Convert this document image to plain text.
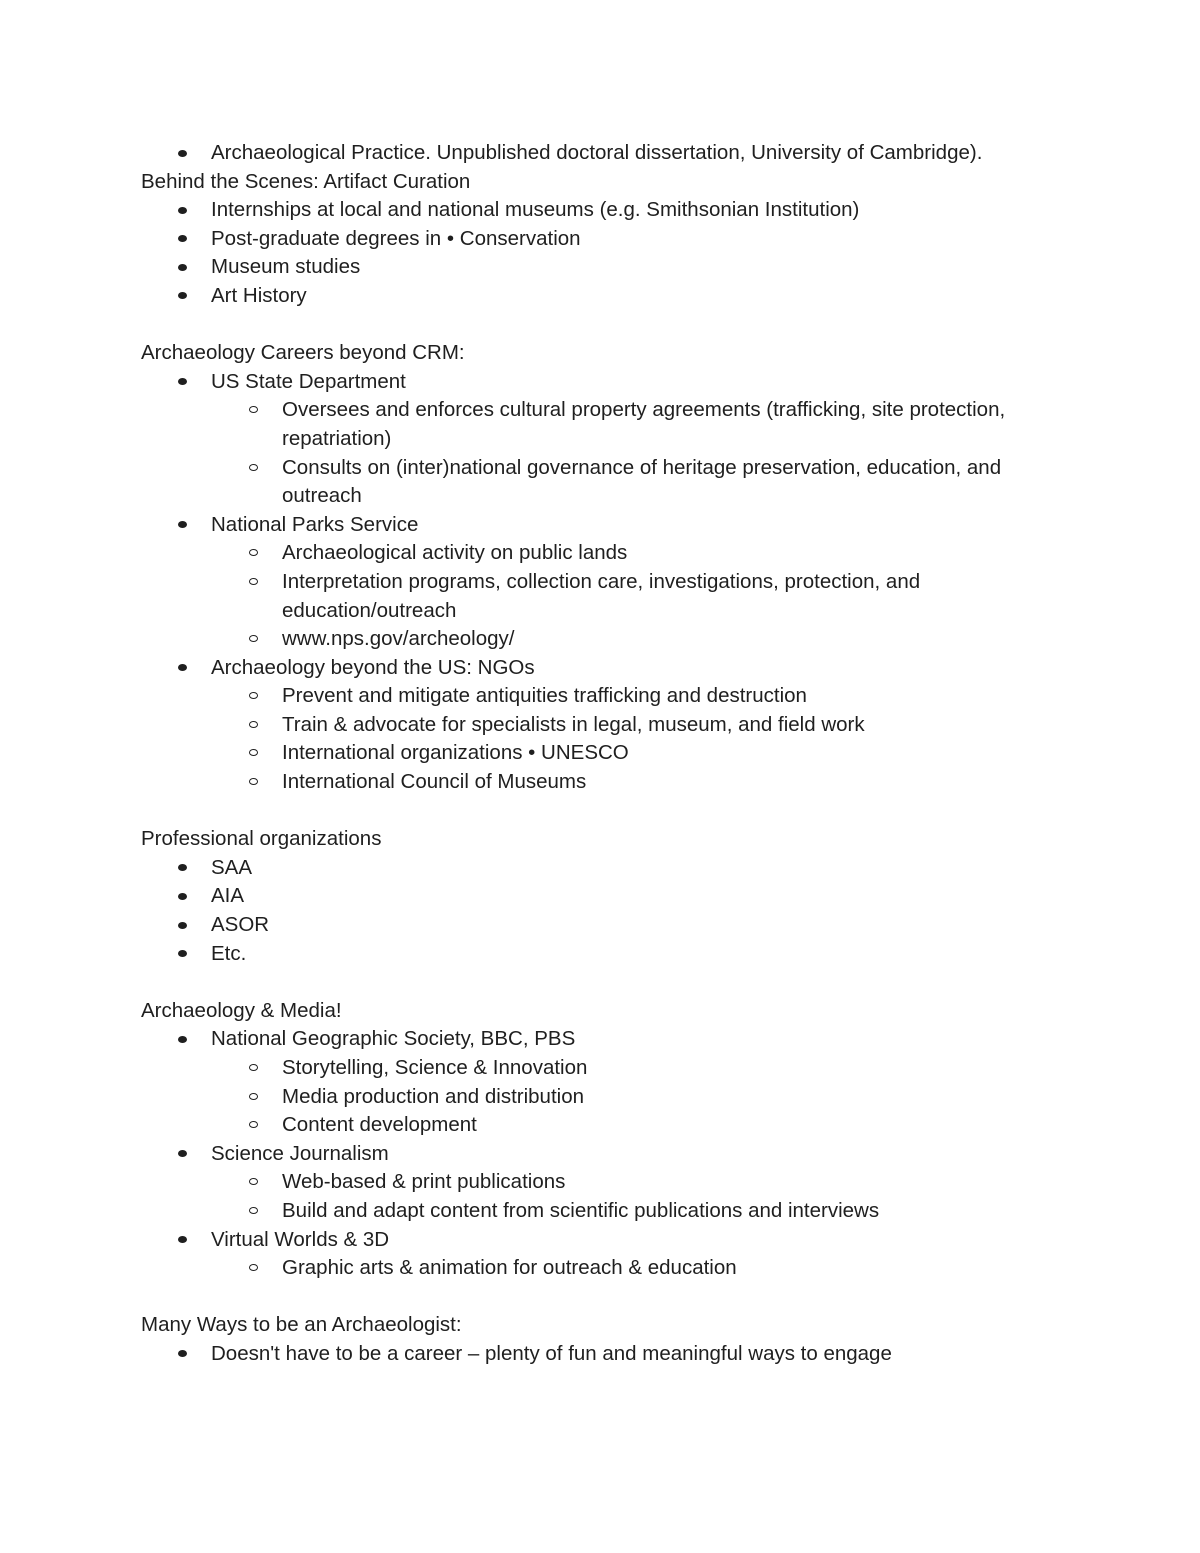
Archaeological Practice. Unpublished doctoral dissertation, University of Cambridge).

Behind the Scenes: Artifact Curation

Internships at local and national museums (e.g. Smithsonian Institution)
Post-graduate degrees in • Conservation
Museum studies
Art History

Archaeology Careers beyond CRM:

US State Department
Oversees and enforces cultural property agreements (trafficking, site protection, repatriation)
Consults on (inter)national governance of heritage preservation, education, and outreach
National Parks Service
Archaeological activity on public lands
Interpretation programs, collection care, investigations, protection, and education/outreach
www.nps.gov/archeology/
Archaeology beyond the US: NGOs
Prevent and mitigate antiquities trafficking and destruction
Train & advocate for specialists in legal, museum, and field work
International organizations • UNESCO
International Council of Museums

Professional organizations

SAA
AIA
ASOR
Etc.

Archaeology & Media!

National Geographic Society, BBC, PBS
Storytelling, Science & Innovation
Media production and distribution
Content development
Science Journalism
Web-based & print publications
Build and adapt content from scientific publications and interviews
Virtual Worlds & 3D
Graphic arts & animation for outreach & education

Many Ways to be an Archaeologist:

Doesn't have to be a career – plenty of fun and meaningful ways to engage
